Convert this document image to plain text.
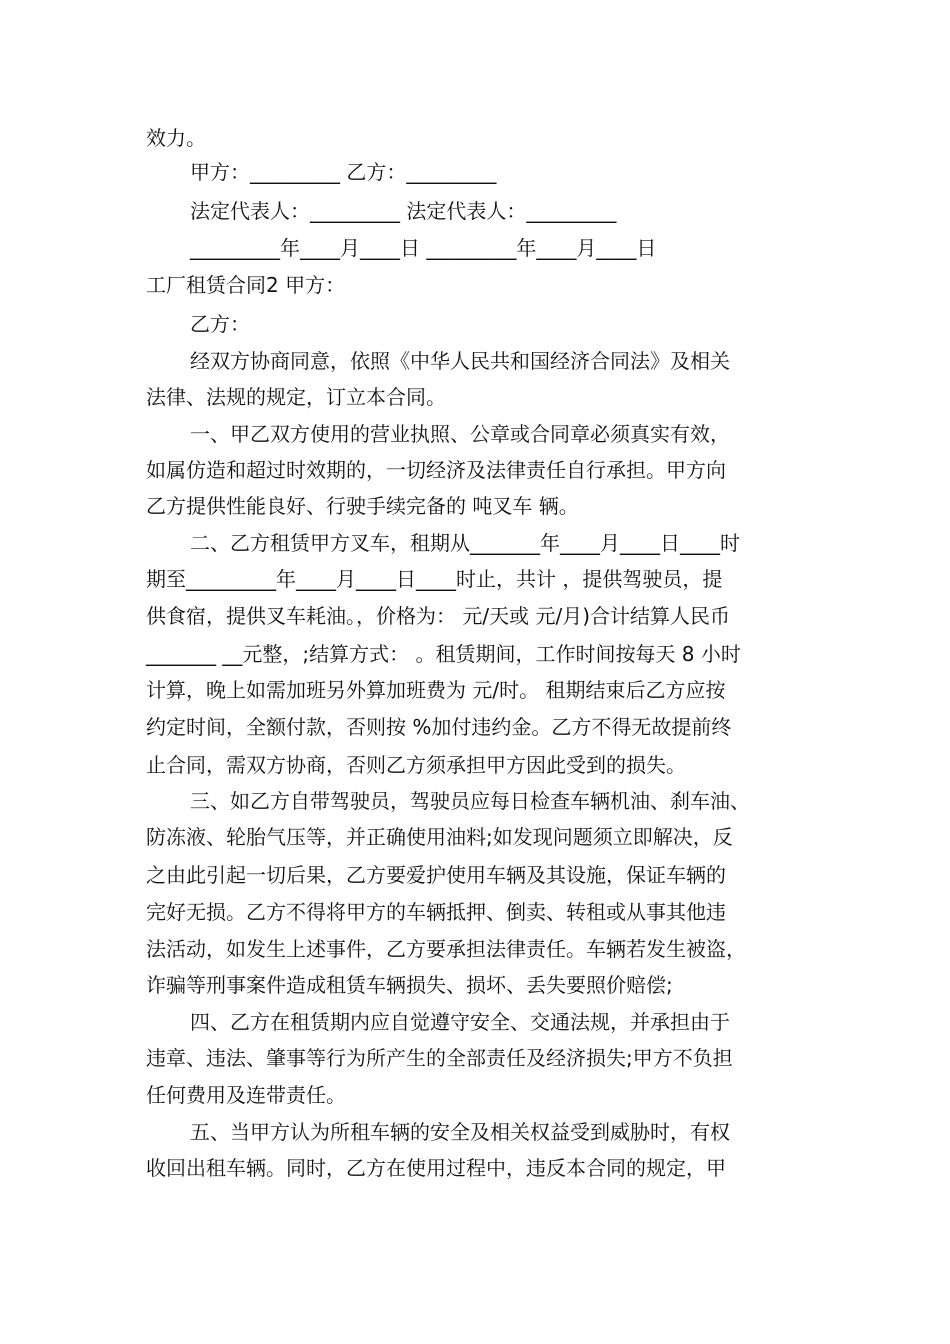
效力。
甲方：_________ 乙方：_________
法定代表人：_________ 法定代表人：_________
_________年____月____日 _________年____月____日
工厂租赁合同2 甲方：
乙方：
经双方协商同意，依照《中华人民共和国经济合同法》及相关
法律、法规的规定，订立本合同。
一、甲乙双方使用的营业执照、公章或合同章必须真实有效，
如属仿造和超过时效期的，一切经济及法律责任自行承担。甲方向
乙方提供性能良好、行驶手续完备的 吨叉车 辆。
二、乙方租赁甲方叉车，租期从_______年____月____日____时
期至_________年____月____日____时止，共计 ，提供驾驶员，提
供食宿，提供叉车耗油。，价格为： 元/天或 元/月)合计结算人民币
_______ __元整，;结算方式： 。租赁期间，工作时间按每天 8 小时
计算，晚上如需加班另外算加班费为 元/时。 租期结束后乙方应按
约定时间，全额付款，否则按 %加付违约金。乙方不得无故提前终
止合同，需双方协商，否则乙方须承担甲方因此受到的损失。
三、如乙方自带驾驶员，驾驶员应每日检查车辆机油、刹车油、
防冻液、轮胎气压等，并正确使用油料;如发现问题须立即解决，反
之由此引起一切后果，乙方要爱护使用车辆及其设施，保证车辆的
完好无损。乙方不得将甲方的车辆抵押、倒卖、转租或从事其他违
法活动，如发生上述事件，乙方要承担法律责任。车辆若发生被盗，
诈骗等刑事案件造成租赁车辆损失、损坏、丢失要照价赔偿;
四、乙方在租赁期内应自觉遵守安全、交通法规，并承担由于
违章、违法、肇事等行为所产生的全部责任及经济损失;甲方不负担
任何费用及连带责任。
五、当甲方认为所租车辆的安全及相关权益受到威胁时，有权
收回出租车辆。同时，乙方在使用过程中，违反本合同的规定，甲
